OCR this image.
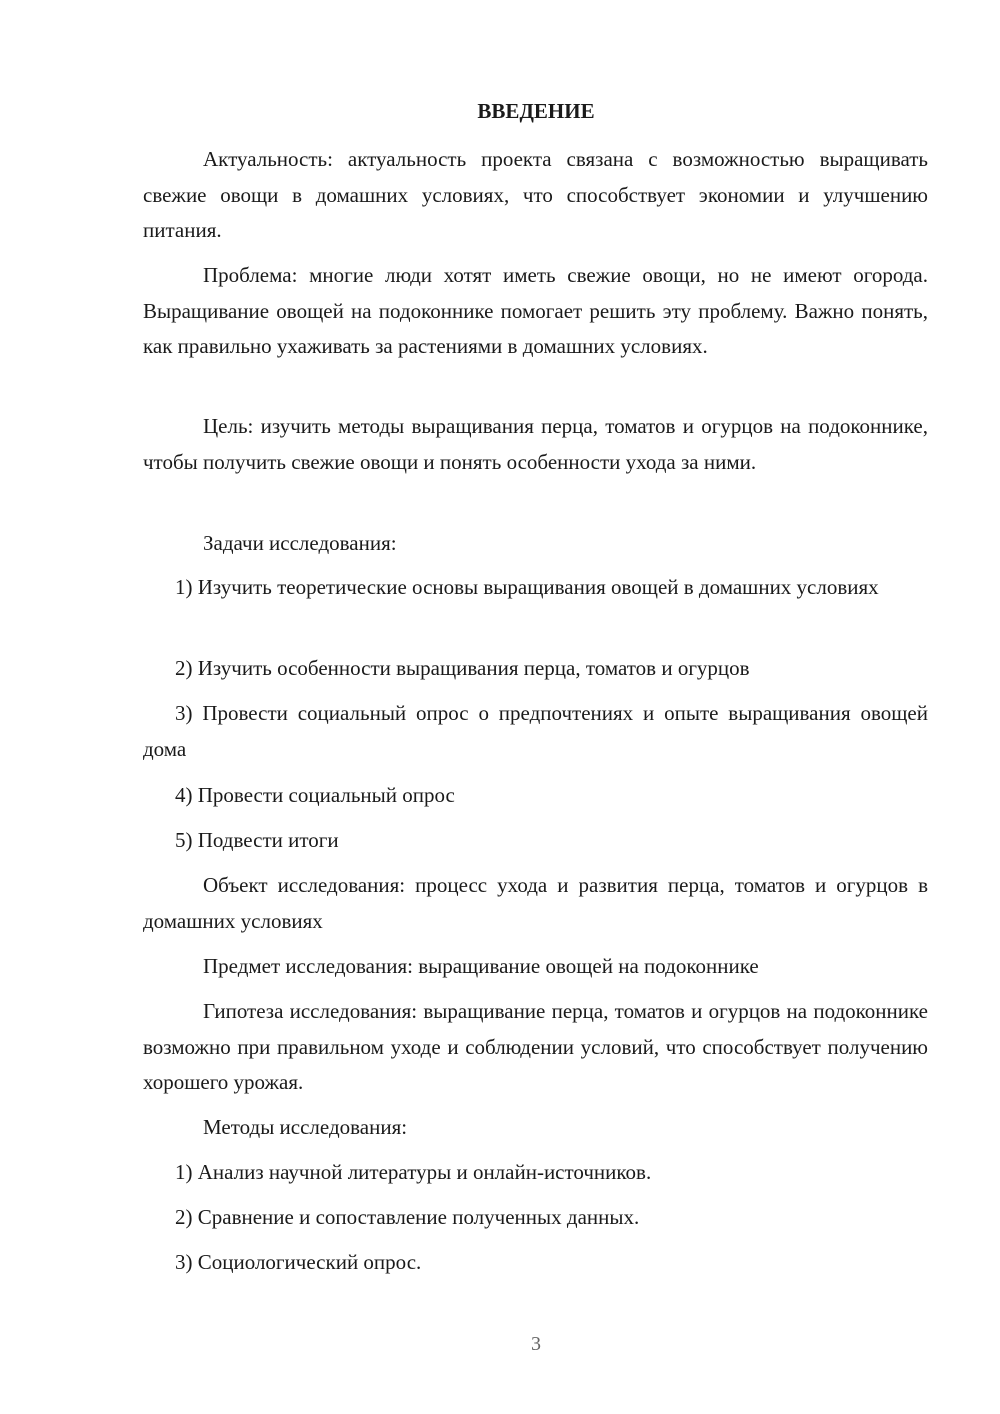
ВВЕДЕНИЕ

Актуальность: актуальность проекта связана с возможностью выращивать свежие овощи в домашних условиях, что способствует экономии и улучшению питания.

Проблема: многие люди хотят иметь свежие овощи, но не имеют огорода. Выращивание овощей на подоконнике помогает решить эту проблему. Важно понять, как правильно ухаживать за растениями в домашних условиях.

Цель: изучить методы выращивания перца, томатов и огурцов на подоконнике, чтобы получить свежие овощи и понять особенности ухода за ними.

Задачи исследования:

1) Изучить теоретические основы выращивания овощей в домашних условиях

2) Изучить особенности выращивания перца, томатов и огурцов

3) Провести социальный опрос о предпочтениях и опыте выращивания овощей дома

4) Провести социальный опрос

5) Подвести итоги

Объект исследования: процесс ухода и развития перца, томатов и огурцов в домашних условиях

Предмет исследования: выращивание овощей на подоконнике

Гипотеза исследования: выращивание перца, томатов и огурцов на подоконнике возможно при правильном уходе и соблюдении условий, что способствует получению хорошего урожая.

Методы исследования:

1) Анализ научной литературы и онлайн-источников.

2) Сравнение и сопоставление полученных данных.

3) Социологический опрос.

3
